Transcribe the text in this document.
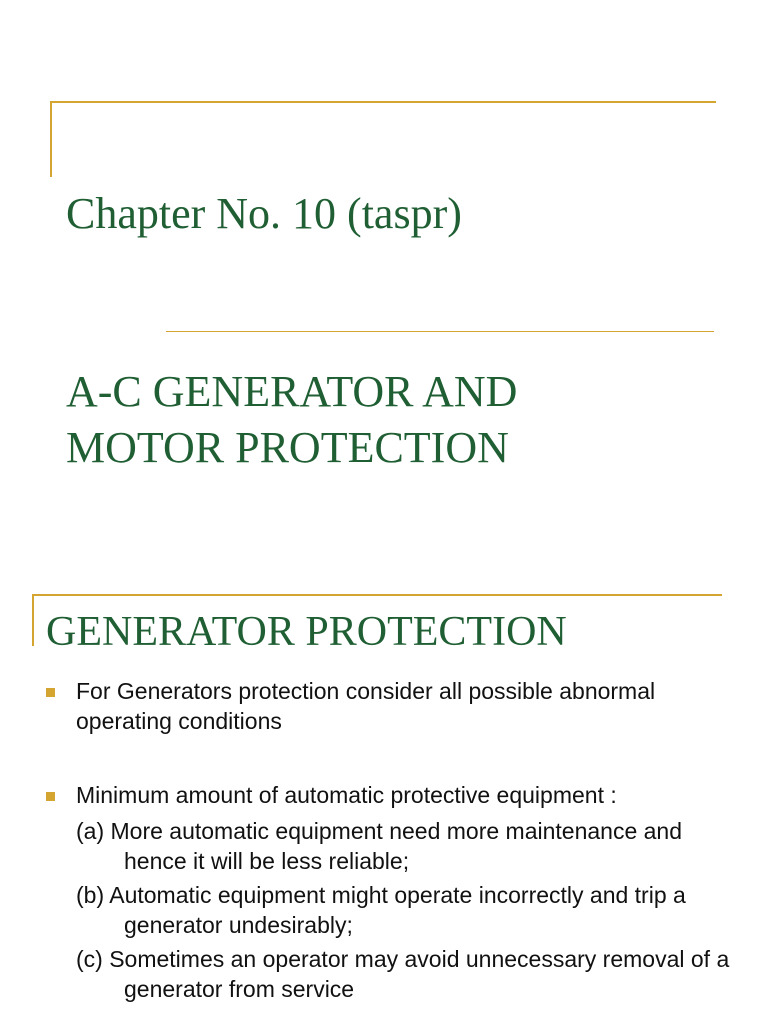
Chapter No. 10 (taspr)
A-C GENERATOR AND
MOTOR PROTECTION
GENERATOR PROTECTION
For Generators protection consider all possible abnormal operating conditions
Minimum amount of automatic protective equipment :
(a) More automatic equipment need more maintenance and hence it will be less reliable;
(b) Automatic equipment might operate incorrectly and trip a generator undesirably;
(c) Sometimes an operator may avoid unnecessary removal of a generator from service
